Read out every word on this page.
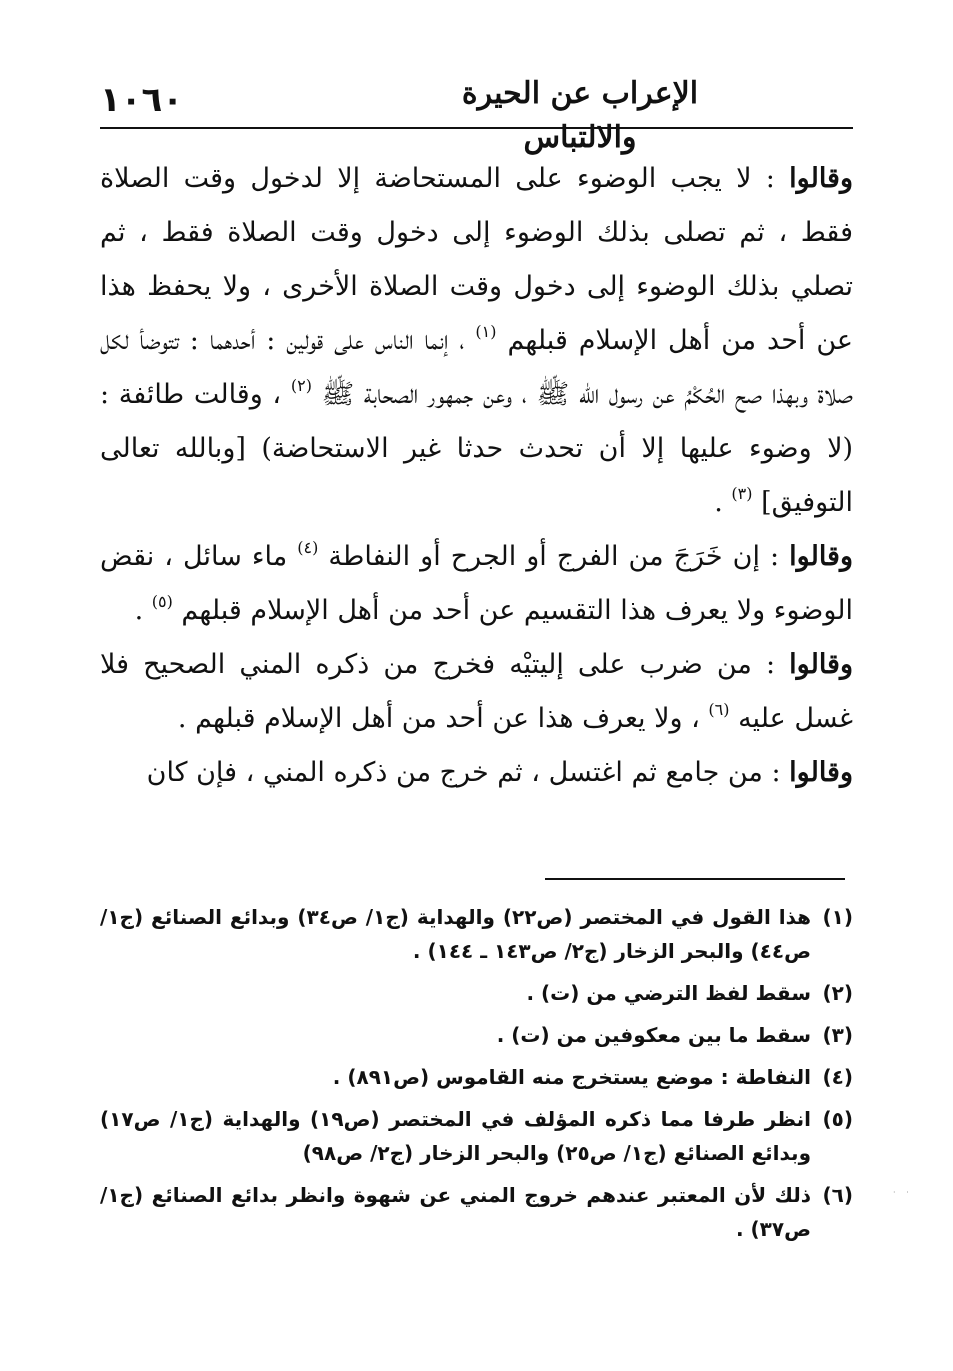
الإعراب عن الحيرة والالتباس
١٠٦٠

وقالوا : لا يجب الوضوء على المستحاضة إلا لدخول وقت الصلاة فقط ، ثم تصلى بذلك الوضوء إلى دخول وقت الصلاة فقط ، ثم تصلي بذلك الوضوء إلى دخول وقت الصلاة الأخرى ، ولا يحفظ هذا عن أحد من أهل الإسلام قبلهم $^{(١)}$ ، إنما الناس على قولين : أحدهما : تتوضأ لكل صلاة وبهذا صح الحُكْمُ عن رسول الله ﷺ ، وعن جمهور الصحابة ﷺ $^{(٢)}$ ، وقالت طائفة : (لا وضوء عليها إلا أن تحدث حدثا غير الاستحاضة) [وبالله تعالى التوفيق] $^{(٣)}$ .

وقالوا : إن خَرَجَ من الفرج أو الجرح أو النفاطة $^{(٤)}$ ماء سائل ، نقض الوضوء ولا يعرف هذا التقسيم عن أحد من أهل الإسلام قبلهم $^{(٥)}$ .

وقالوا : من ضرب على إليتيْه فخرج من ذكره المني الصحيح فلا غسل عليه $^{(٦)}$ ، ولا يعرف هذا عن أحد من أهل الإسلام قبلهم .

وقالوا : من جامع ثم اغتسل ، ثم خرج من ذكره المني ، فإن كان

(١)
هذا القول في المختصر (ص٢٢) والهداية (ج١/ ص٣٤) وبدائع الصنائع (ج١/ ص٤٤) والبحر الزخار (ج٢/ ص١٤٣ ـ ١٤٤) .
(٢)
سقط لفظ الترضي من (ت) .
(٣)
سقط ما بين معكوفين من (ت) .
(٤)
النفاطة : موضع يستخرج منه القاموس (ص٨٩١) .
(٥)
انظر طرفا مما ذكره المؤلف في المختصر (ص١٩) والهداية (ج١/ ص١٧) وبدائع الصنائع (ج١/ ص٢٥) والبحر الزخار (ج٢/ ص٩٨)
(٦)
ذلك لأن المعتبر عندهم خروج المني عن شهوة وانظر بدائع الصنائع (ج١/ ص٣٧) .
· ·
